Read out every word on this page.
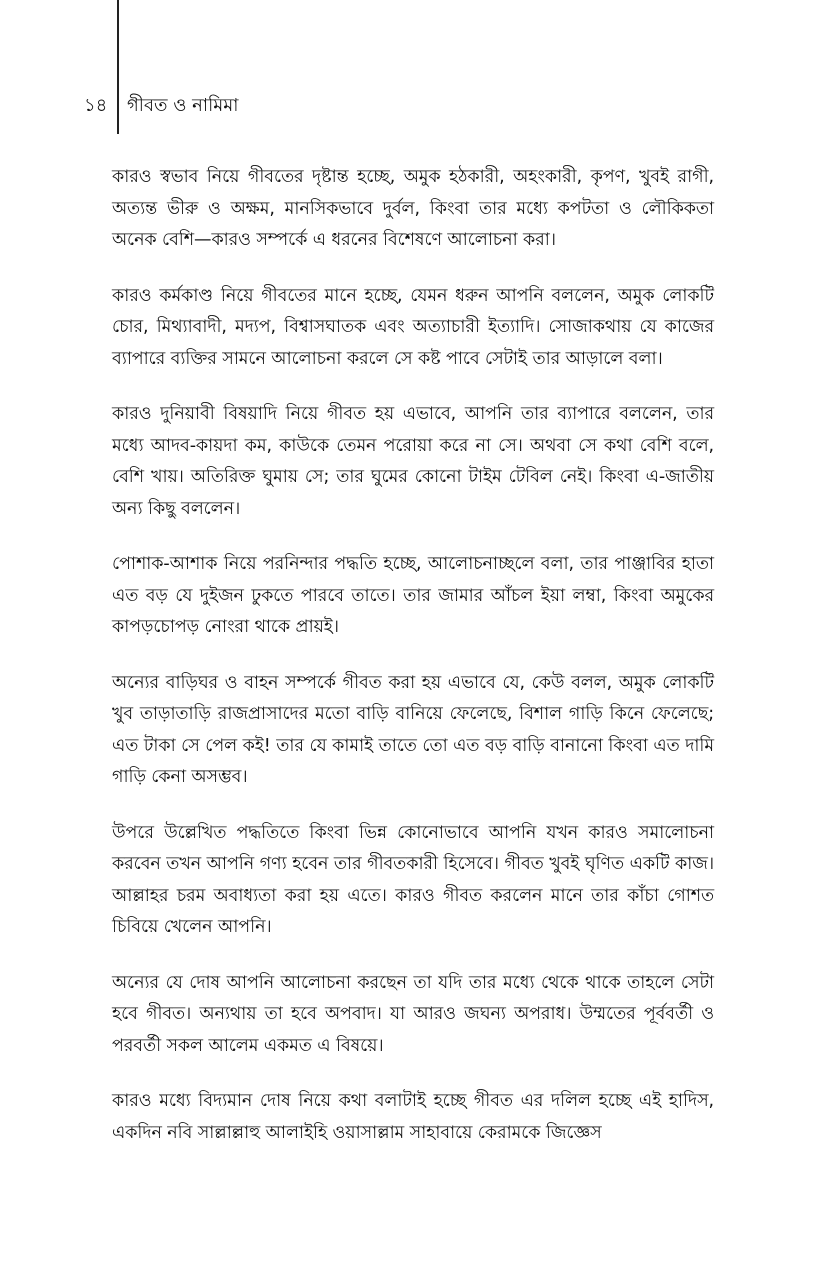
১৪ গীবত ও নামিমা

কারও স্বভাব নিয়ে গীবতের দৃষ্টান্ত হচ্ছে, অমুক হঠকারী, অহংকারী, কৃপণ, খুবই রাগী, অত্যন্ত ভীরু ও অক্ষম, মানসিকভাবে দুর্বল, কিংবা তার মধ্যে কপটতা ও লৌকিকতা অনেক বেশি—কারও সম্পর্কে এ ধরনের বিশেষণে আলোচনা করা।

কারও কর্মকাণ্ড নিয়ে গীবতের মানে হচ্ছে, যেমন ধরুন আপনি বললেন, অমুক লোকটি চোর, মিথ্যাবাদী, মদ্যপ, বিশ্বাসঘাতক এবং অত্যাচারী ইত্যাদি। সোজাকথায় যে কাজের ব্যাপারে ব্যক্তির সামনে আলোচনা করলে সে কষ্ট পাবে সেটাই তার আড়ালে বলা।

কারও দুনিয়াবী বিষয়াদি নিয়ে গীবত হয় এভাবে, আপনি তার ব্যাপারে বললেন, তার মধ্যে আদব-কায়দা কম, কাউকে তেমন পরোয়া করে না সে। অথবা সে কথা বেশি বলে, বেশি খায়। অতিরিক্ত ঘুমায় সে; তার ঘুমের কোনো টাইম টেবিল নেই। কিংবা এ-জাতীয় অন্য কিছু বললেন।

পোশাক-আশাক নিয়ে পরনিন্দার পদ্ধতি হচ্ছে, আলোচনাচ্ছলে বলা, তার পাঞ্জাবির হাতা এত বড় যে দুইজন ঢুকতে পারবে তাতে। তার জামার আঁচল ইয়া লম্বা, কিংবা অমুকের কাপড়চোপড় নোংরা থাকে প্রায়ই।

অন্যের বাড়িঘর ও বাহন সম্পর্কে গীবত করা হয় এভাবে যে, কেউ বলল, অমুক লোকটি খুব তাড়াতাড়ি রাজপ্রাসাদের মতো বাড়ি বানিয়ে ফেলেছে, বিশাল গাড়ি কিনে ফেলেছে; এত টাকা সে পেল কই! তার যে কামাই তাতে তো এত বড় বাড়ি বানানো কিংবা এত দামি গাড়ি কেনা অসম্ভব।

উপরে উল্লেখিত পদ্ধতিতে কিংবা ভিন্ন কোনোভাবে আপনি যখন কারও সমালোচনা করবেন তখন আপনি গণ্য হবেন তার গীবতকারী হিসেবে। গীবত খুবই ঘৃণিত একটি কাজ। আল্লাহর চরম অবাধ্যতা করা হয় এতে। কারও গীবত করলেন মানে তার কাঁচা গোশত চিবিয়ে খেলেন আপনি।

অন্যের যে দোষ আপনি আলোচনা করছেন তা যদি তার মধ্যে থেকে থাকে তাহলে সেটা হবে গীবত। অন্যথায় তা হবে অপবাদ। যা আরও জঘন্য অপরাধ। উম্মতের পূর্ববর্তী ও পরবর্তী সকল আলেম একমত এ বিষয়ে।

কারও মধ্যে বিদ্যমান দোষ নিয়ে কথা বলাটাই হচ্ছে গীবত এর দলিল হচ্ছে এই হাদিস, একদিন নবি সাল্লাল্লাহু আলাইহি ওয়াসাল্লাম সাহাবায়ে কেরামকে জিজ্ঞেস
